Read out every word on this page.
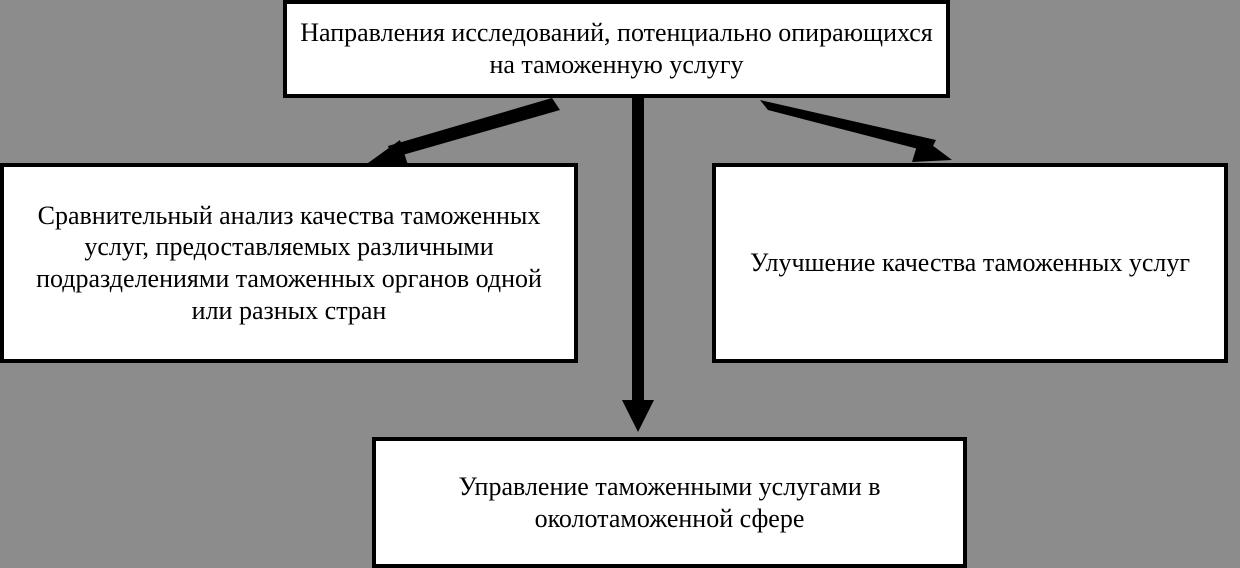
Направления исследований, потенциально опирающихся на таможенную услугу
Сравнительный анализ качества таможенных услуг, предоставляемых различными подразделениями таможенных органов одной или разных стран
Улучшение качества таможенных услуг
Управление таможенными услугами в околотаможенной сфере
